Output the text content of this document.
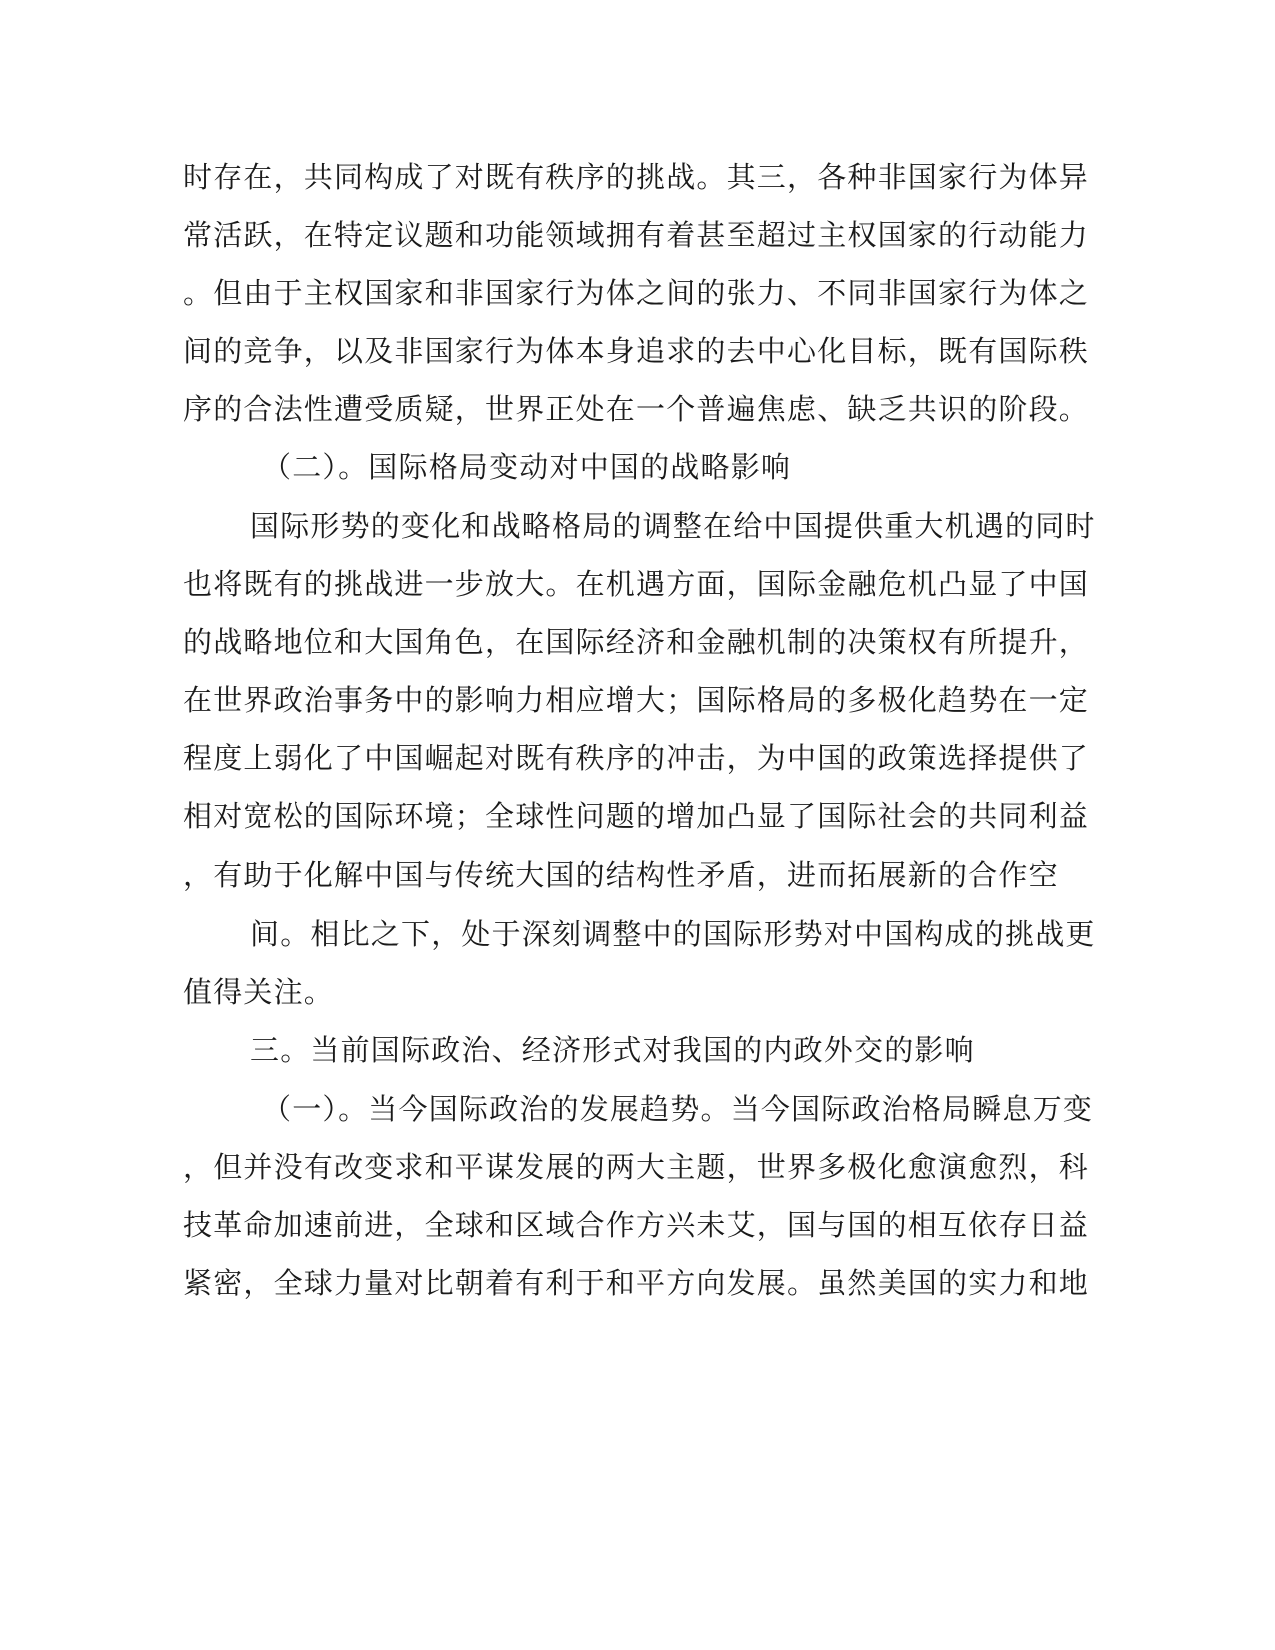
时存在，共同构成了对既有秩序的挑战。其三，各种非国家行为体异
常活跃，在特定议题和功能领域拥有着甚至超过主权国家的行动能力
。但由于主权国家和非国家行为体之间的张力、不同非国家行为体之
间的竞争，以及非国家行为体本身追求的去中心化目标，既有国际秩
序的合法性遭受质疑，世界正处在一个普遍焦虑、缺乏共识的阶段。
（二）。国际格局变动对中国的战略影响
国际形势的变化和战略格局的调整在给中国提供重大机遇的同时
也将既有的挑战进一步放大。在机遇方面，国际金融危机凸显了中国
的战略地位和大国角色，在国际经济和金融机制的决策权有所提升，
在世界政治事务中的影响力相应增大；国际格局的多极化趋势在一定
程度上弱化了中国崛起对既有秩序的冲击，为中国的政策选择提供了
相对宽松的国际环境；全球性问题的增加凸显了国际社会的共同利益
，有助于化解中国与传统大国的结构性矛盾，进而拓展新的合作空
间。相比之下，处于深刻调整中的国际形势对中国构成的挑战更
值得关注。
三。当前国际政治、经济形式对我国的内政外交的影响
（一）。当今国际政治的发展趋势。当今国际政治格局瞬息万变
，但并没有改变求和平谋发展的两大主题，世界多极化愈演愈烈，科
技革命加速前进，全球和区域合作方兴未艾，国与国的相互依存日益
紧密，全球力量对比朝着有利于和平方向发展。虽然美国的实力和地
